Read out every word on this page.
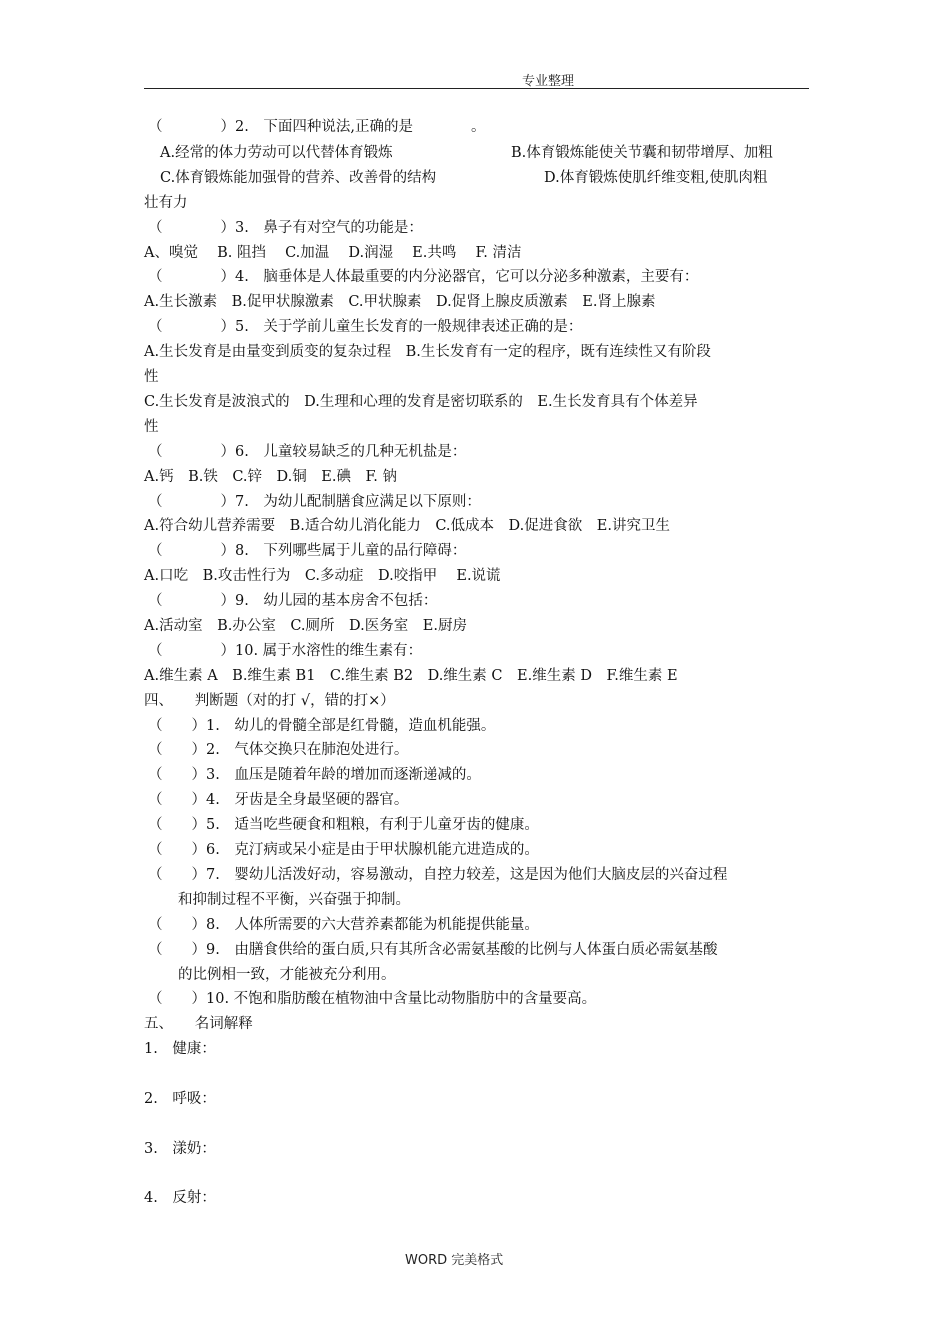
专业整理
（　　　　）2.　下面四种说法,正确的是　　　　。
A.经常的体力劳动可以代替体育锻炼	B.体育锻炼能使关节囊和韧带增厚、加粗
C.体育锻炼能加强骨的营养、改善骨的结构	D.体育锻炼使肌纤维变粗,使肌肉粗
壮有力
（　　　　）3.　鼻子有对空气的功能是：
A、嗅觉　 B. 阻挡　 C.加温　 D.润湿　 E.共鸣　 F. 清洁
（　　　　）4.　脑垂体是人体最重要的内分泌器官，它可以分泌多种激素，主要有：
A.生长激素　B.促甲状腺激素　C.甲状腺素　D.促肾上腺皮质激素　E.肾上腺素
（　　　　）5.　关于学前儿童生长发育的一般规律表述正确的是：
A.生长发育是由量变到质变的复杂过程　B.生长发育有一定的程序，既有连续性又有阶段
性
C.生长发育是波浪式的　D.生理和心理的发育是密切联系的　E.生长发育具有个体差异
性
（　　　　）6.　儿童较易缺乏的几种无机盐是：
A.钙　B.铁　C.锌　D.铜　E.碘　F. 钠
（　　　　）7.　为幼儿配制膳食应满足以下原则：
A.符合幼儿营养需要　B.适合幼儿消化能力　C.低成本　D.促进食欲　E.讲究卫生
（　　　　）8.　下列哪些属于儿童的品行障碍：
A.口吃　B.攻击性行为　C.多动症　D.咬指甲　 E.说谎
（　　　　）9.　幼儿园的基本房舍不包括：
A.活动室　B.办公室　C.厕所　D.医务室　E.厨房
（　　　　）10. 属于水溶性的维生素有：
A.维生素 A　B.维生素 B1　C.维生素 B2　D.维生素 C　E.维生素 D　F.维生素 E
四、　　判断题（对的打 √，错的打×）
（　　）1.　幼儿的骨髓全部是红骨髓，造血机能强。
（　　）2.　气体交换只在肺泡处进行。
（　　）3.　血压是随着年龄的增加而逐渐递减的。
（　　）4.　牙齿是全身最坚硬的器官。
（　　）5.　适当吃些硬食和粗粮，有利于儿童牙齿的健康。
（　　）6.　克汀病或呆小症是由于甲状腺机能亢进造成的。
（　　）7.　婴幼儿活泼好动，容易激动，自控力较差，这是因为他们大脑皮层的兴奋过程
和抑制过程不平衡，兴奋强于抑制。
（　　）8.　人体所需要的六大营养素都能为机能提供能量。
（　　）9.　由膳食供给的蛋白质,只有其所含必需氨基酸的比例与人体蛋白质必需氨基酸
的比例相一致，才能被充分利用。
（　　）10. 不饱和脂肪酸在植物油中含量比动物脂肪中的含量要高。
五、　　名词解释
1.　健康：
2.　呼吸：
3.　漾奶：
4.　反射：
WORD 完美格式
